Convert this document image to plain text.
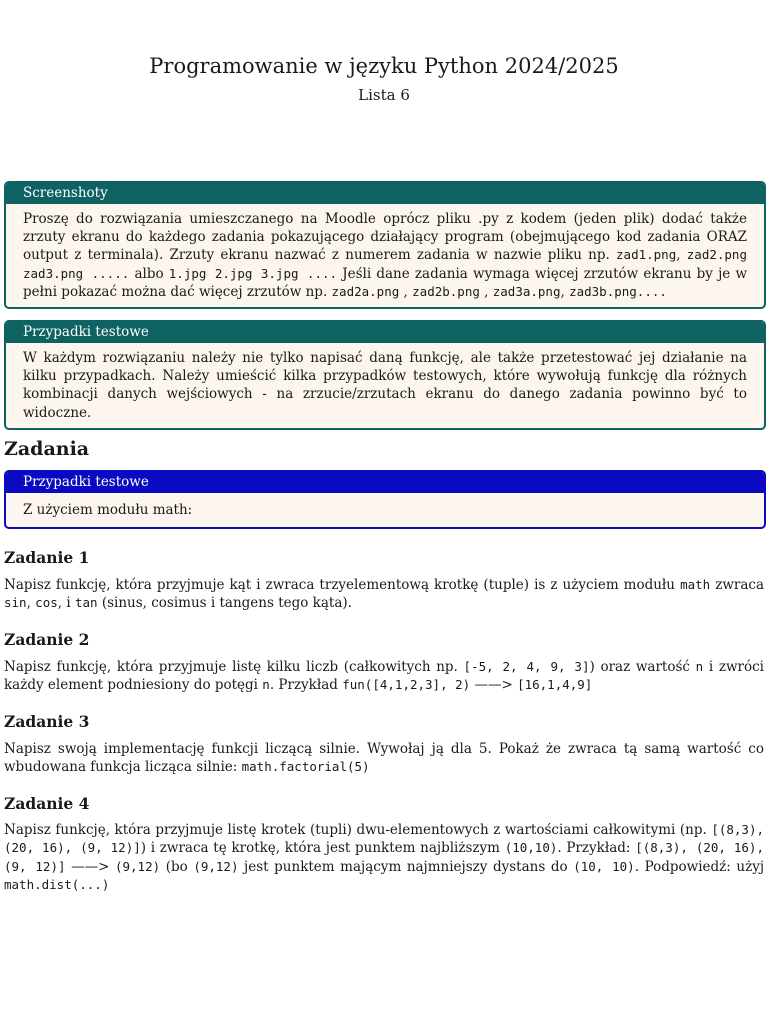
Programowanie w języku Python 2024/2025
Lista 6
Screenshoty
Proszę do rozwiązania umieszczanego na Moodle oprócz pliku .py z kodem (jeden plik) dodać także zrzuty ekranu do każdego zadania pokazującego działający program (obejmującego kod zadania ORAZ output z terminala). Zrzuty ekranu nazwać z numerem zadania w nazwie pliku np. zad1.png, zad2.png zad3.png ..... albo 1.jpg 2.jpg 3.jpg .... Jeśli dane zadania wymaga więcej zrzutów ekranu by je w pełni pokazać można dać więcej zrzutów np. zad2a.png , zad2b.png , zad3a.png, zad3b.png....
Przypadki testowe
W każdym rozwiązaniu należy nie tylko napisać daną funkcję, ale także przetestować jej działanie na kilku przypadkach. Należy umieścić kilka przypadków testowych, które wywołują funkcję dla różnych kombinacji danych wejściowych - na zrzucie/zrzutach ekranu do danego zadania powinno być to widoczne.
Zadania
Przypadki testowe
Z użyciem modułu math:
Zadanie 1
Napisz funkcję, która przyjmuje kąt i zwraca trzyelementową krotkę (tuple) is z użyciem modułu math zwraca sin, cos, i tan (sinus, cosimus i tangens tego kąta).
Zadanie 2
Napisz funkcję, która przyjmuje listę kilku liczb (całkowitych np. [-5, 2, 4, 9, 3]) oraz wartość n i zwróci każdy element podniesiony do potęgi n. Przykład fun([4,1,2,3], 2) ——> [16,1,4,9]
Zadanie 3
Napisz swoją implementację funkcji liczącą silnie. Wywołaj ją dla 5. Pokaż że zwraca tą samą wartość co wbudowana funkcja licząca silnie: math.factorial(5)
Zadanie 4
Napisz funkcję, która przyjmuje listę krotek (tupli) dwu-elementowych z wartościami całkowitymi (np. [(8,3), (20, 16), (9, 12)]) i zwraca tę krotkę, która jest punktem najbliższym (10,10). Przykład: [(8,3), (20, 16), (9, 12)] ——> (9,12) (bo (9,12) jest punktem mającym najmniejszy dystans do (10, 10). Podpowiedź: użyj math.dist(...)
